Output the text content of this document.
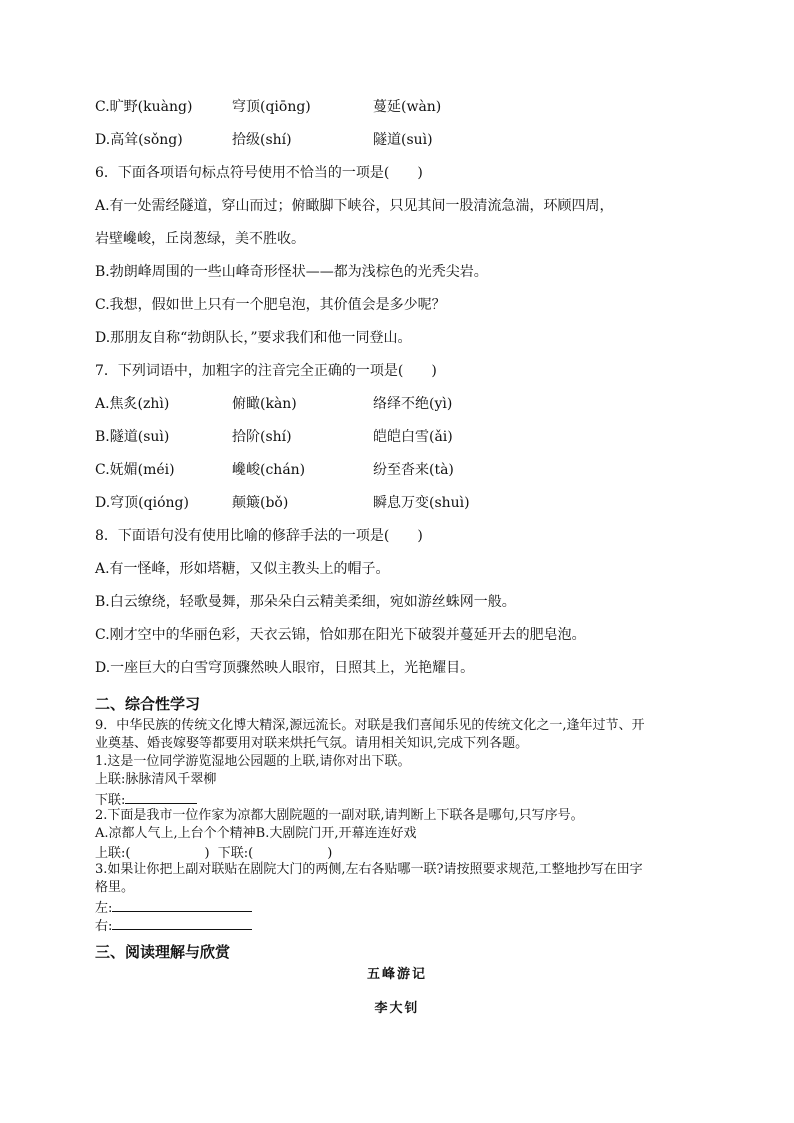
C.旷野(kuàng)	穹顶(qiōng)	蔓延(wàn)
D.高耸(sǒng)	拾级(shí)	隧道(suì)
6．下面各项语句标点符号使用不恰当的一项是(　　)
A.有一处需经隧道，穿山而过；俯瞰脚下峡谷，只见其间一股清流急湍，环顾四周，
岩壁巉峻，丘岗葱绿，美不胜收。
B.勃朗峰周围的一些山峰奇形怪状——都为浅棕色的光秃尖岩。
C.我想，假如世上只有一个肥皂泡，其价值会是多少呢？
D.那朋友自称“勃朗队长，”要求我们和他一同登山。
7．下列词语中，加粗字的注音完全正确的一项是(　　)
A.焦炙(zhì)	俯瞰(kàn)	络绎不绝(yì)
B.隧道(suì)	拾阶(shí)	皑皑白雪(ǎi)
C.妩媚(méi)	巉峻(chán)	纷至沓来(tà)
D.穹顶(qióng)	颠簸(bǒ)	瞬息万变(shuì)
8．下面语句没有使用比喻的修辞手法的一项是(　　)
A.有一怪峰，形如塔糖，又似主教头上的帽子。
B.白云缭绕，轻歌曼舞，那朵朵白云精美柔细，宛如游丝蛛网一般。
C.刚才空中的华丽色彩，天衣云锦，恰如那在阳光下破裂并蔓延开去的肥皂泡。
D.一座巨大的白雪穹顶骤然映人眼帘，日照其上，光艳耀目。
二、综合性学习
9．中华民族的传统文化博大精深,源远流长。对联是我们喜闻乐见的传统文化之一,逢年过节、开
业奠基、婚丧嫁娶等都要用对联来烘托气氛。请用相关知识,完成下列各题。
1.这是一位同学游览湿地公园题的上联,请你对出下联。
上联:脉脉清风千翠柳
下联:
2.下面是我市一位作家为凉都大剧院题的一副对联,请判断上下联各是哪句,只写序号。
A.凉都人气上,上台个个精神B.大剧院门开,开幕连连好戏
上联:(	) 下联:(	)
3.如果让你把上副对联贴在剧院大门的两侧,左右各贴哪一联?请按照要求规范,工整地抄写在田字
格里。
左:
右:
三、阅读理解与欣赏
五峰游记
李大钊
